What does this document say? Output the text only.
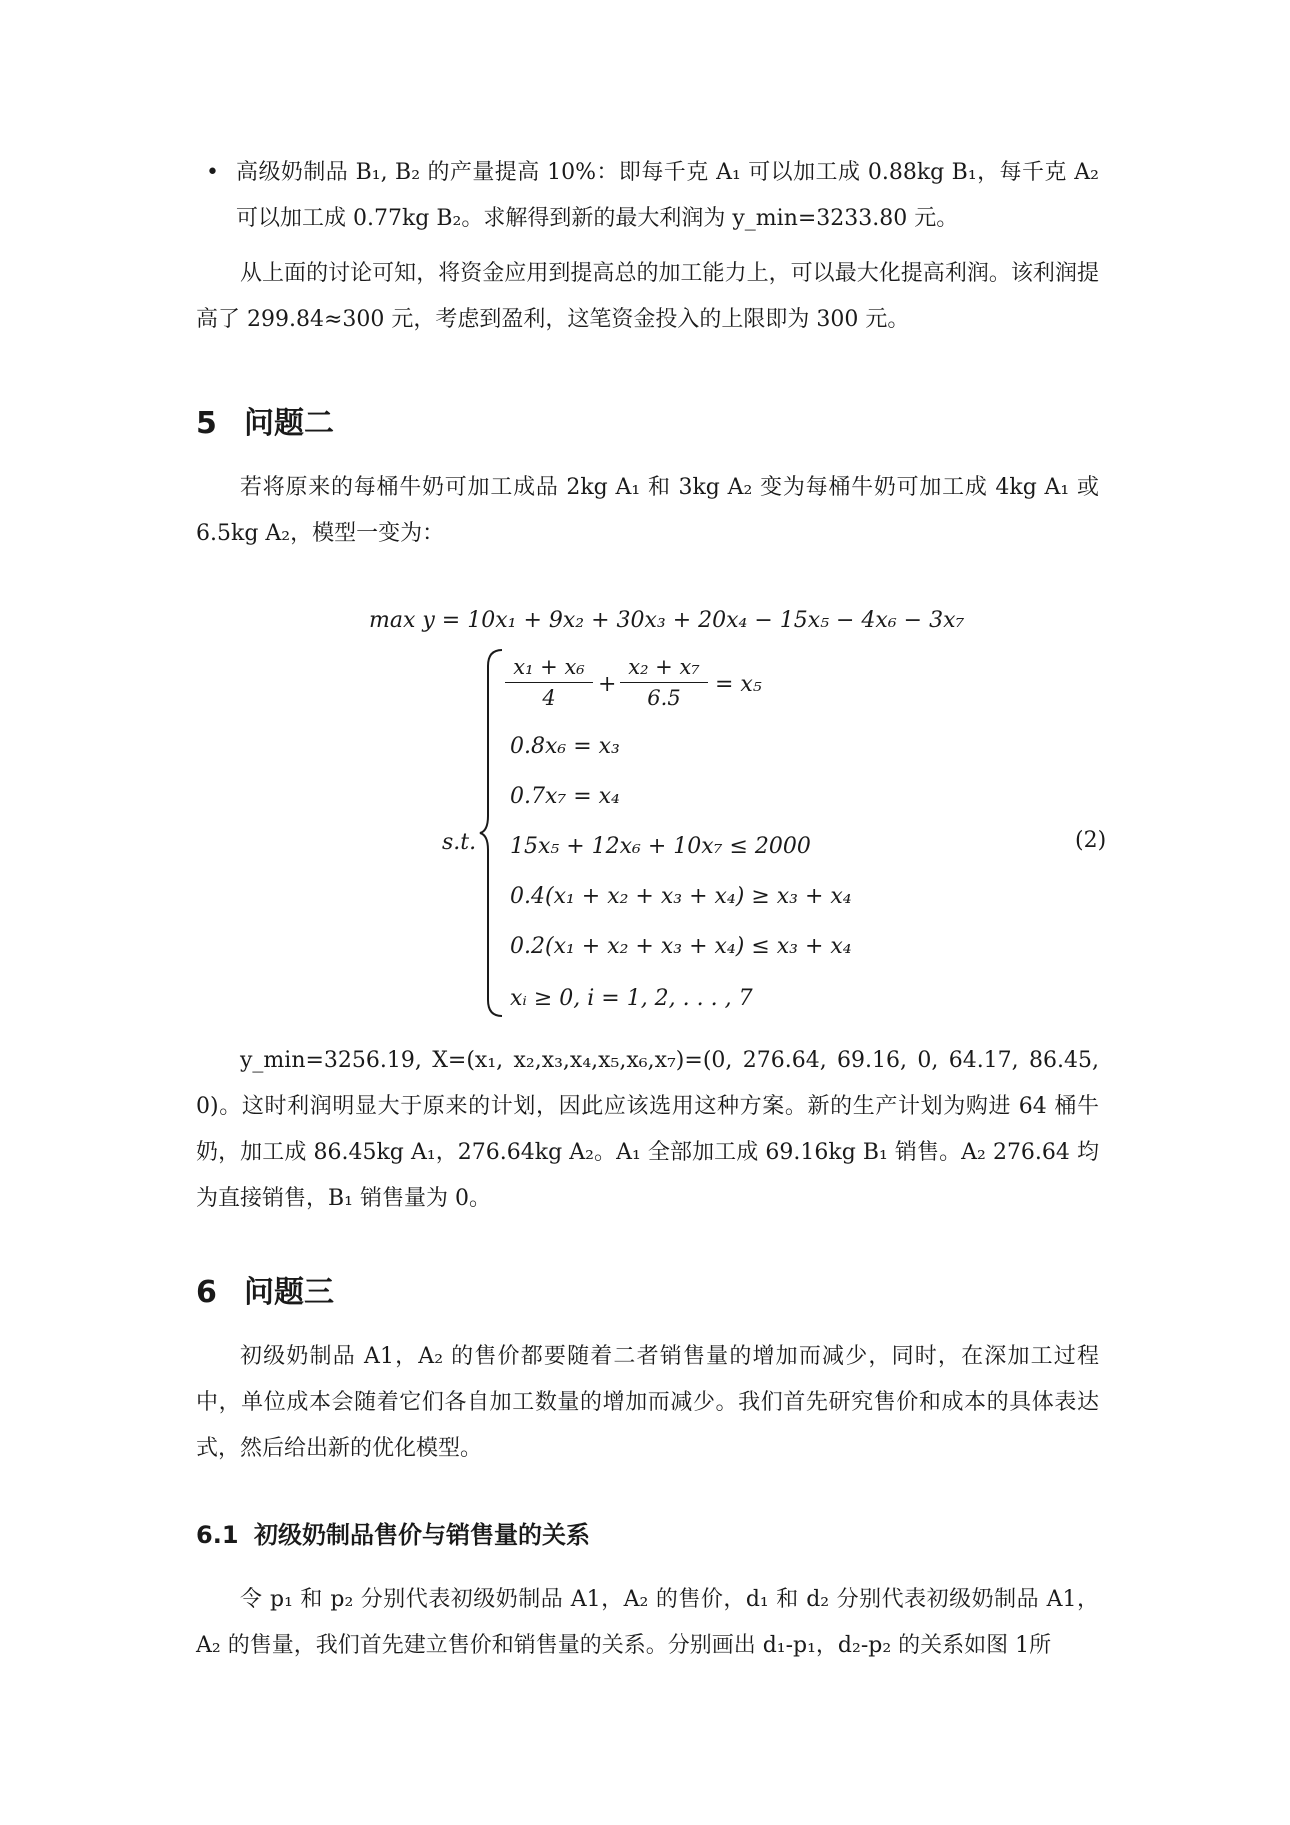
• 高级奶制品 B₁, B₂ 的产量提高 10%：即每千克 A₁ 可以加工成 0.88kg B₁，每千克 A₂ 可以加工成 0.77kg B₂。求解得到新的最大利润为 y_min=3233.80 元。

从上面的讨论可知，将资金应用到提高总的加工能力上，可以最大化提高利润。该利润提高了 299.84≈300 元，考虑到盈利，这笔资金投入的上限即为 300 元。

5 问题二

若将原来的每桶牛奶可加工成品 2kg A₁ 和 3kg A₂ 变为每桶牛奶可加工成 4kg A₁ 或 6.5kg A₂，模型一变为：

max y = 10x₁ + 9x₂ + 30x₃ + 20x₄ − 15x₅ − 4x₆ − 3x₇
s.t.
x₁ + x₆
4
+
x₂ + x₇
6.5
= x₅
0.8x₆ = x₃
0.7x₇ = x₄
15x₅ + 12x₆ + 10x₇ ≤ 2000
0.4(x₁ + x₂ + x₃ + x₄) ≥ x₃ + x₄
0.2(x₁ + x₂ + x₃ + x₄) ≤ x₃ + x₄
xᵢ ≥ 0, i = 1, 2, . . . , 7
(2)

y_min=3256.19, X=(x₁, x₂,x₃,x₄,x₅,x₆,x₇)=(0, 276.64, 69.16, 0, 64.17, 86.45, 0)。这时利润明显大于原来的计划，因此应该选用这种方案。新的生产计划为购进 64 桶牛奶，加工成 86.45kg A₁，276.64kg A₂。A₁ 全部加工成 69.16kg B₁ 销售。A₂ 276.64 均为直接销售，B₁ 销售量为 0。

6 问题三

初级奶制品 A1，A₂ 的售价都要随着二者销售量的增加而减少，同时，在深加工过程中，单位成本会随着它们各自加工数量的增加而减少。我们首先研究售价和成本的具体表达式，然后给出新的优化模型。

6.1 初级奶制品售价与销售量的关系

令 p₁ 和 p₂ 分别代表初级奶制品 A1，A₂ 的售价，d₁ 和 d₂ 分别代表初级奶制品 A1，A₂ 的售量，我们首先建立售价和销售量的关系。分别画出 d₁-p₁，d₂-p₂ 的关系如图 1所
